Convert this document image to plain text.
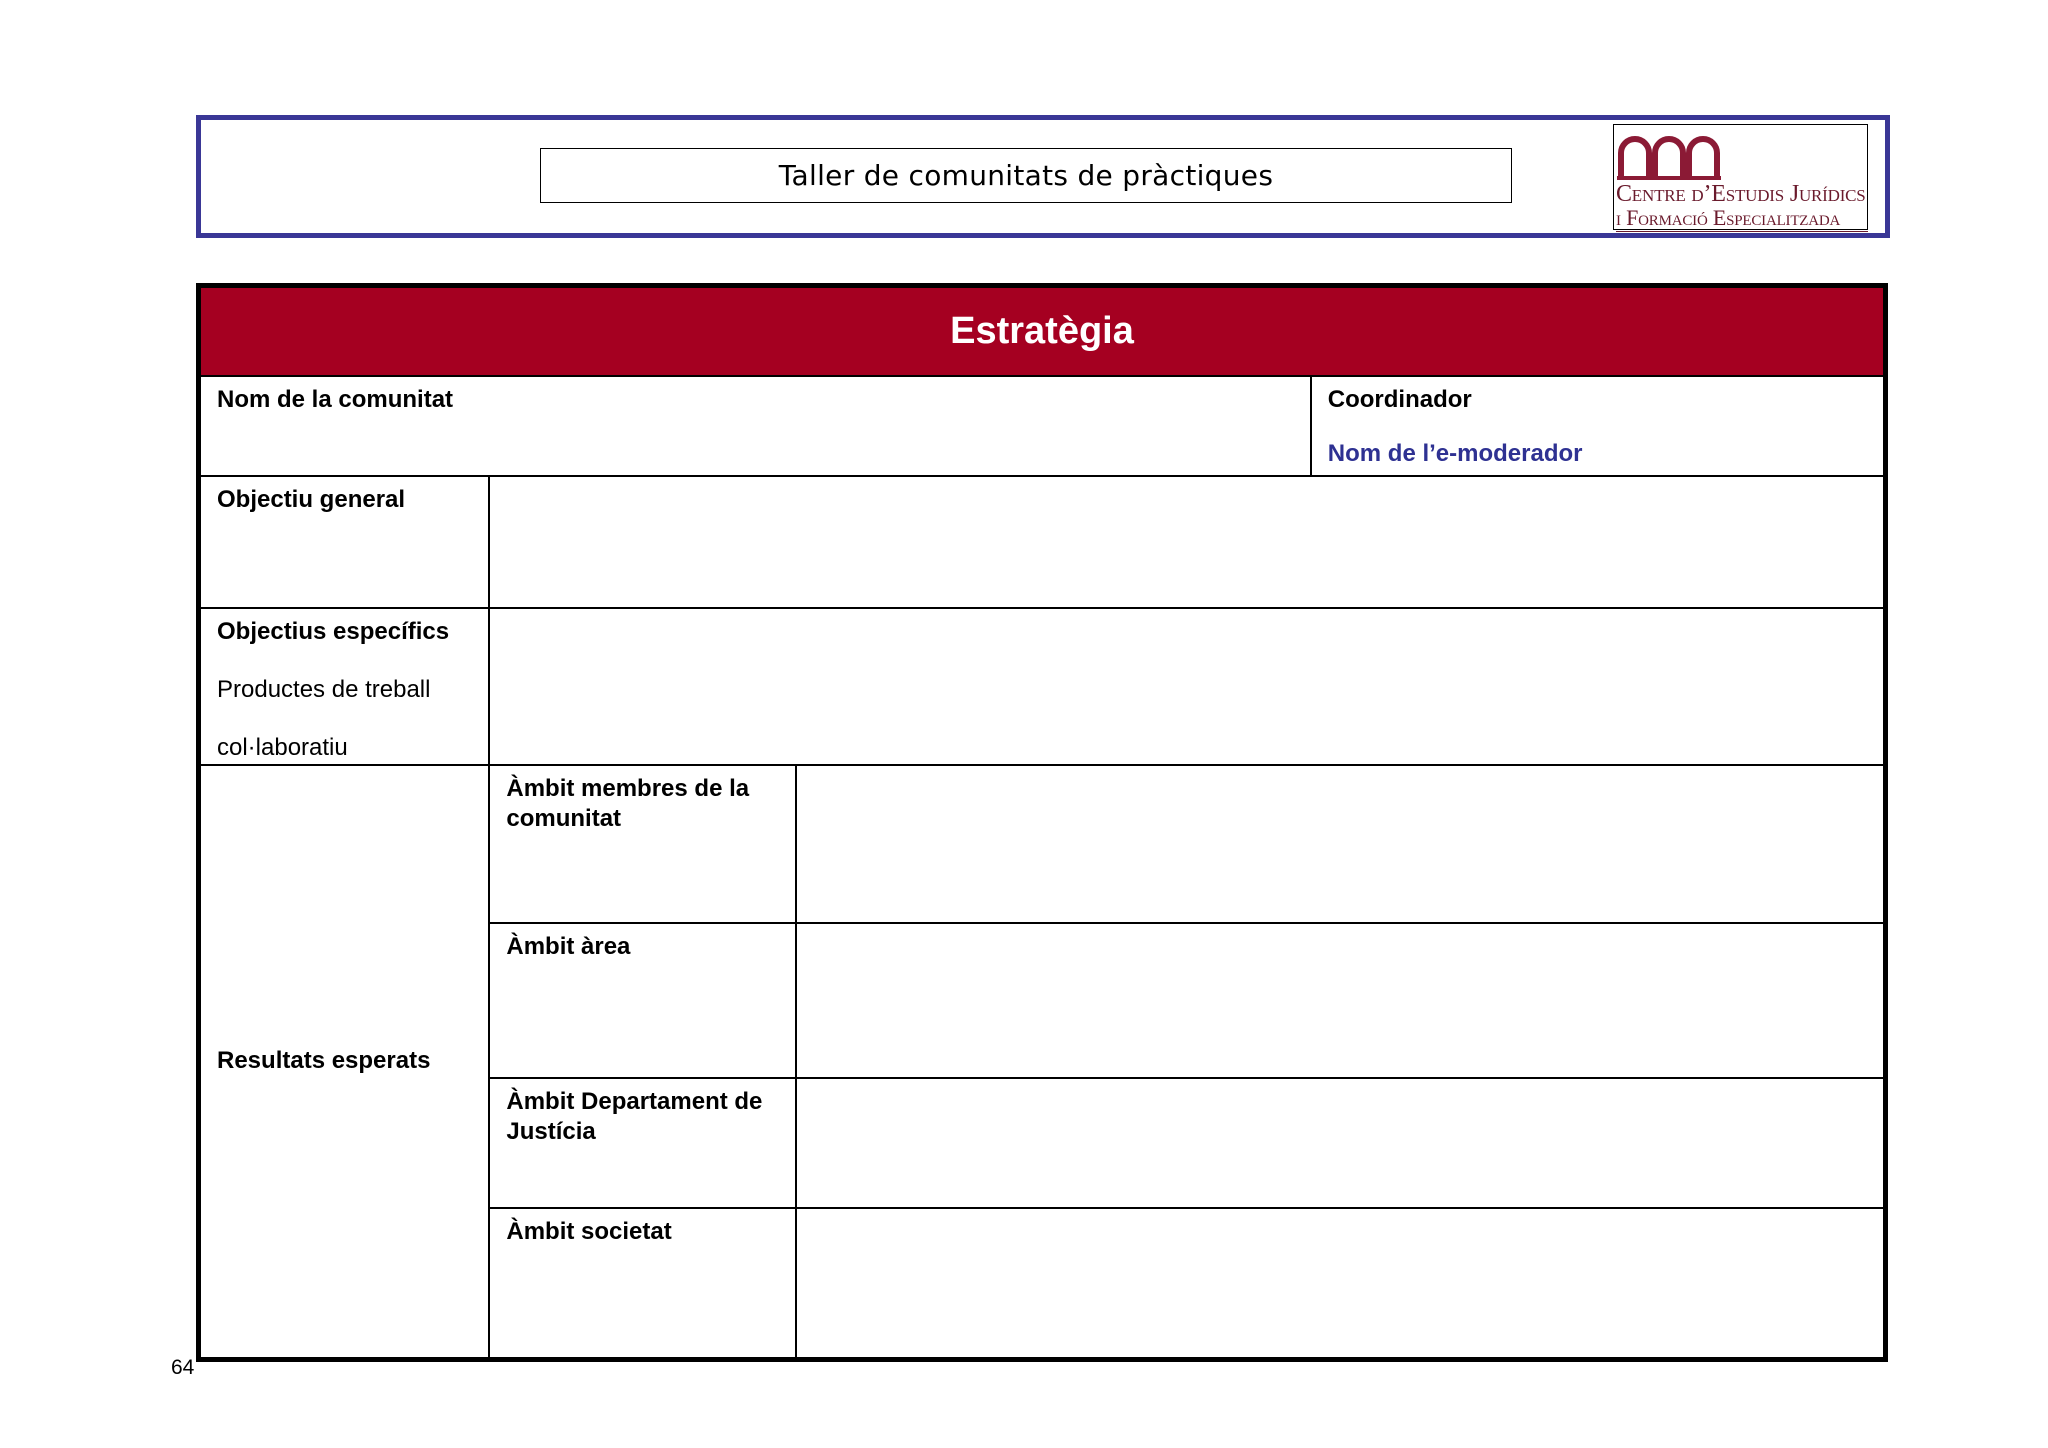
Taller de comunitats de pràctiques
Centre d’Estudis Jurídics
i Formació Especialitzada
Estratègia			
Nom de la comunitat			Coordinador
Nom de l’e-moderador

Objectiu general			

Objectius específics
Productes de treball
col·laboratiu			

Resultats esperats	Àmbit membres de la comunitat		
	Àmbit àrea		
	Àmbit Departament de Justícia		
	Àmbit societat		
64
